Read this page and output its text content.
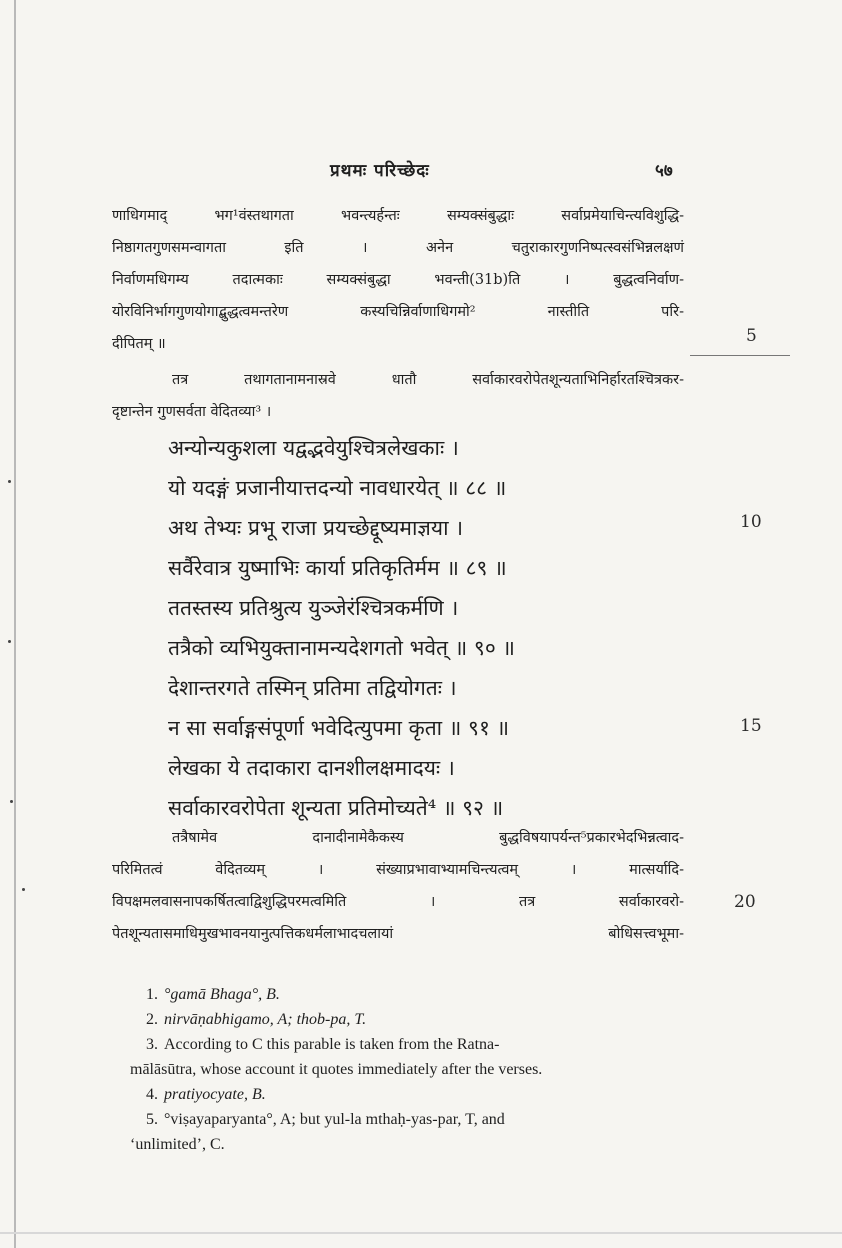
प्रथमः परिच्छेदः	५७

णाधिगमाद् भग¹वंस्तथागता भवन्त्यर्हन्तः सम्यक्संबुद्धाः सर्वाप्रमेयाचिन्त्यविशुद्धि-
निष्ठागतगुणसमन्वागता इति । अनेन चतुराकारगुणनिष्पत्स्वसंभिन्नलक्षणं
निर्वाणमधिगम्य तदात्मकाः सम्यक्संबुद्धा भवन्ती(31b)ति । बुद्धत्वनिर्वाण-
योरविनिर्भागगुणयोगाद्बुद्धत्वमन्तरेण कस्यचिन्निर्वाणाधिगमो² नास्तीति परि-
दीपितम् ॥	5

तत्र तथागतानामनास्रवे धातौ सर्वाकारवरोपेतशून्यताभिनिर्हारतश्चित्रकर-
दृष्टान्तेन गुणसर्वता वेदितव्या³ ।

अन्योन्यकुशला यद्वद्भवेयुश्चित्रलेखकाः ।
यो यदङ्गं प्रजानीयात्तदन्यो नावधारयेत् ॥ ८८ ॥
अथ तेभ्यः प्रभू राजा प्रयच्छेद्दूष्यमाज्ञया ।
सर्वैरेवात्र युष्माभिः कार्या प्रतिकृतिर्मम ॥ ८९ ॥
ततस्तस्य प्रतिश्रुत्य युञ्जेरंश्चित्रकर्मणि ।
तत्रैको व्यभियुक्तानामन्यदेशगतो भवेत् ॥ ९० ॥
देशान्तरगते तस्मिन् प्रतिमा तद्वियोगतः ।
न सा सर्वाङ्गसंपूर्णा भवेदित्युपमा कृता ॥ ९१ ॥
लेखका ये तदाकारा दानशीलक्षमादयः ।
सर्वाकारवरोपेता शून्यता प्रतिमोच्यते⁴ ॥ ९२ ॥

10
15

तत्रैषामेव दानादीनामेकैकस्य बुद्धविषयापर्यन्त⁵प्रकारभेदभिन्नत्वाद-
परिमितत्वं वेदितव्यम् । संख्याप्रभावाभ्यामचिन्त्यत्वम् । मात्सर्यादि-
विपक्षमलवासनापकर्षितत्वाद्विशुद्धिपरमत्वमिति । तत्र सर्वाकारवरो-
पेतशून्यतासमाधिमुखभावनयानुत्पत्तिकधर्मलाभादचलायां बोधिसत्त्वभूमा-

20
1. °gamā Bhaga°, B.
2. nirvāṇabhigamo, A; thob-pa, T.
3. According to C this parable is taken from the Ratna-
mālāsūtra, whose account it quotes immediately after the verses.
4. pratiyocyate, B.
5. °viṣayaparyanta°, A; but yul-la mthaḥ-yas-par, T, and
‘unlimited’, C.
